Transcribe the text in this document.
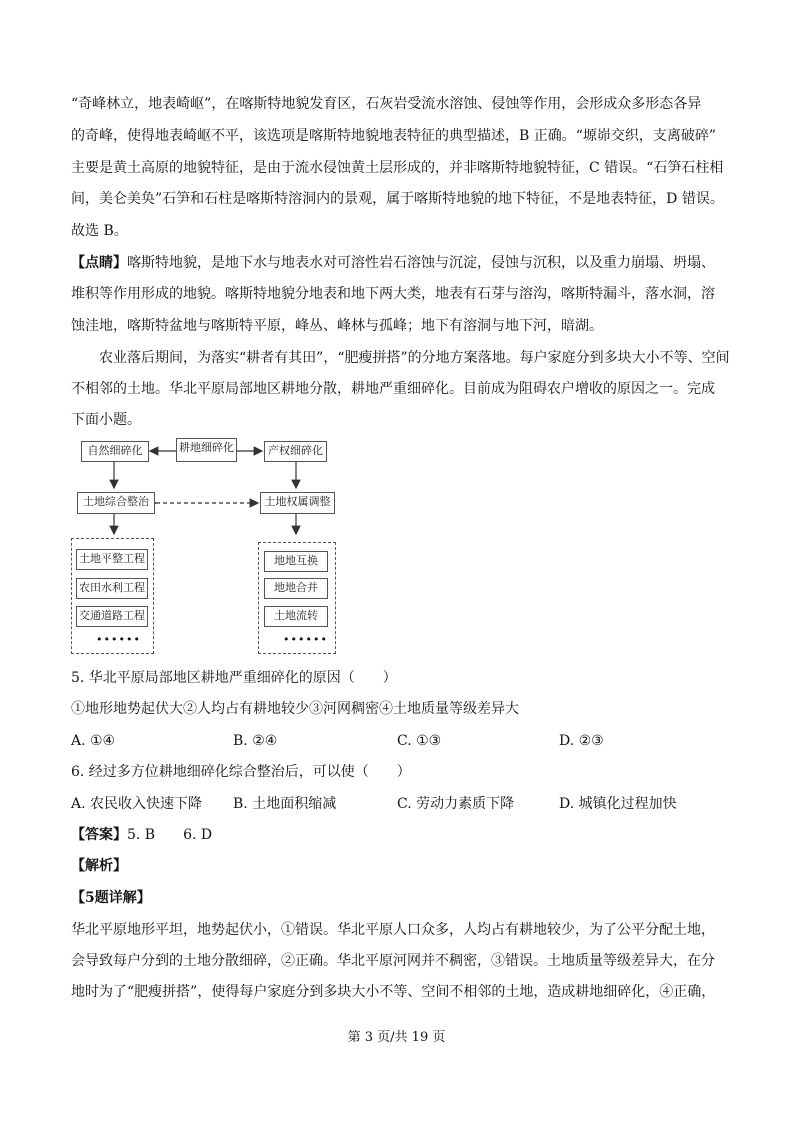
“奇峰林立，地表崎岖”，在喀斯特地貌发育区，石灰岩受流水溶蚀、侵蚀等作用，会形成众多形态各异
的奇峰，使得地表崎岖不平，该选项是喀斯特地貌地表特征的典型描述，B 正确。“塬峁交织，支离破碎”
主要是黄土高原的地貌特征，是由于流水侵蚀黄土层形成的，并非喀斯特地貌特征，C 错误。“石笋石柱相
间，美仑美奂”石笋和石柱是喀斯特溶洞内的景观，属于喀斯特地貌的地下特征，不是地表特征，D 错误。
故选 B。
【点睛】喀斯特地貌，是地下水与地表水对可溶性岩石溶蚀与沉淀，侵蚀与沉积，以及重力崩塌、坍塌、
堆积等作用形成的地貌。喀斯特地貌分地表和地下两大类，地表有石芽与溶沟，喀斯特漏斗，落水洞，溶
蚀洼地，喀斯特盆地与喀斯特平原，峰丛、峰林与孤峰；地下有溶洞与地下河，暗湖。
农业落后期间，为落实“耕者有其田”，“肥瘦拼搭”的分地方案落地。每户家庭分到多块大小不等、空间
不相邻的土地。华北平原局部地区耕地分散，耕地严重细碎化。目前成为阻碍农户增收的原因之一。完成
下面小题。
自然细碎化	耕地细碎化	产权细碎化
土地综合整治	土地权属调整
土地平整工程
农田水利工程
交通道路工程
••••••
地地互换
地地合并
土地流转
••••••
5. 华北平原局部地区耕地严重细碎化的原因（　　）
①地形地势起伏大②人均占有耕地较少③河网稠密④土地质量等级差异大
A. ①④	B. ②④	C. ①③	D. ②③
6. 经过多方位耕地细碎化综合整治后，可以使（　　）
A. 农民收入快速下降 B. 土地面积缩减	C. 劳动力素质下降	D. 城镇化过程加快
【答案】5. B　　6. D
【解析】
【5题详解】
华北平原地形平坦，地势起伏小，①错误。华北平原人口众多，人均占有耕地较少，为了公平分配土地，
会导致每户分到的土地分散细碎，②正确。华北平原河网并不稠密，③错误。土地质量等级差异大，在分
地时为了“肥瘦拼搭”，使得每户家庭分到多块大小不等、空间不相邻的土地，造成耕地细碎化，④正确，
第 3 页/共 19 页
